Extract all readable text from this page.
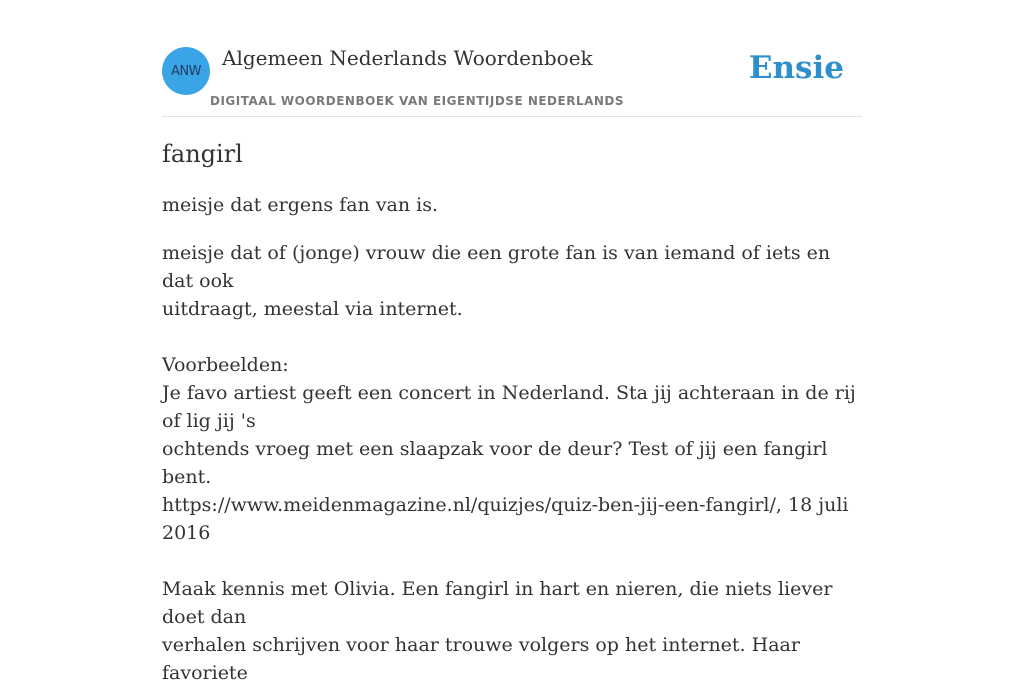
ANW
Algemeen Nederlands Woordenboek
DIGITAAL WOORDENBOEK VAN EIGENTIJDSE NEDERLANDS
Ensie
fangirl
meisje dat ergens fan van is.

meisje dat of (jonge) vrouw die een grote fan is van iemand of iets en dat ook

uitdraagt, meestal via internet.

Voorbeelden:

Je favo artiest geeft een concert in Nederland. Sta jij achteraan in de rij of lig jij 's

ochtends vroeg met een slaapzak voor de deur? Test of jij een fangirl bent.

https://www.meidenmagazine.nl/quizjes/quiz-ben-jij-een-fangirl/, 18 juli 2016

Maak kennis met Olivia. Een fangirl in hart en nieren, die niets liever doet dan

verhalen schrijven voor haar trouwe volgers op het internet. Haar favoriete
